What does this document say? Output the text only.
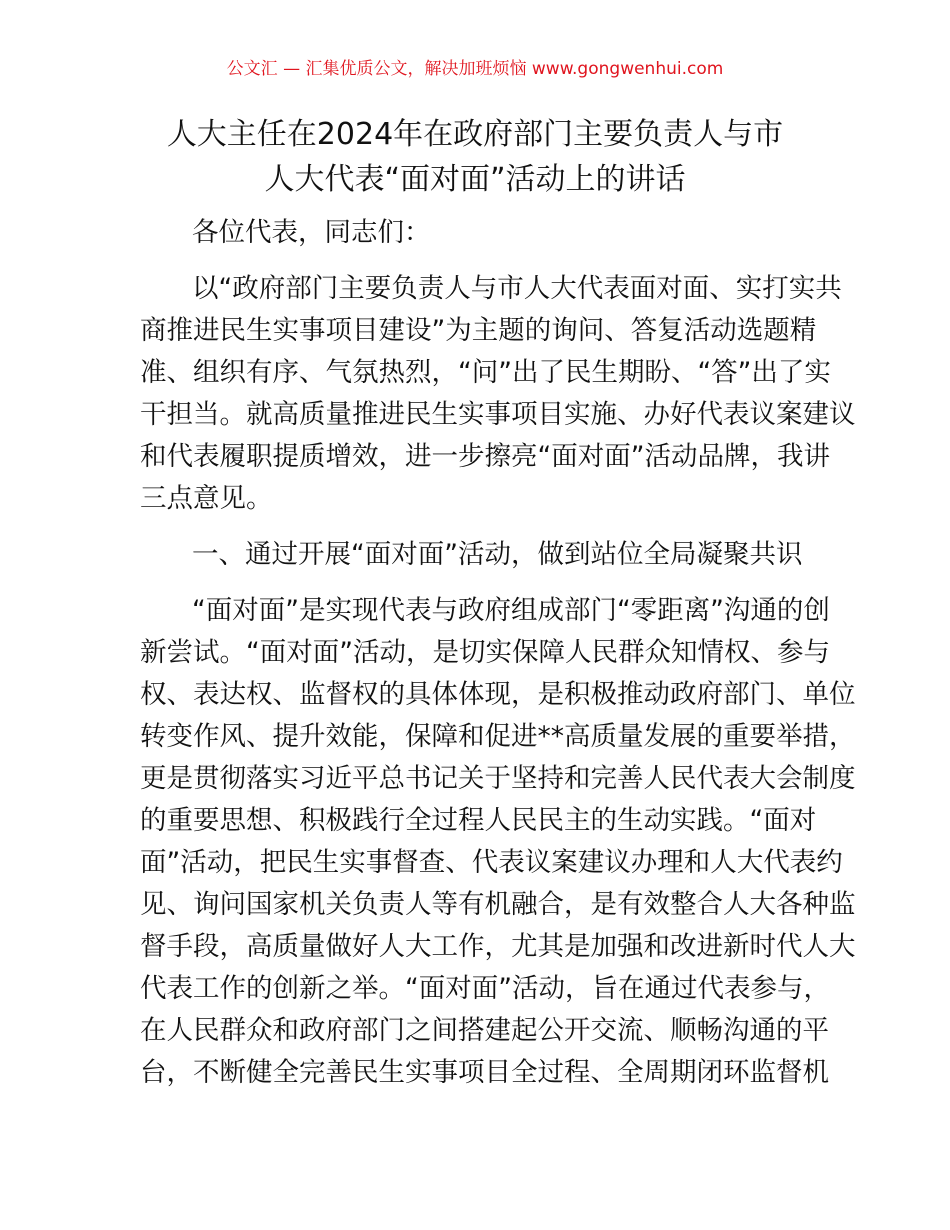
公文汇 — 汇集优质公文，解决加班烦恼 www.gongwenhui.com
人大主任在2024年在政府部门主要负责人与市
人大代表“面对面”活动上的讲话
各位代表，同志们：
以“政府部门主要负责人与市人大代表面对面、实打实共
商推进民生实事项目建设”为主题的询问、答复活动选题精
准、组织有序、气氛热烈，“问”出了民生期盼、“答”出了实
干担当。就高质量推进民生实事项目实施、办好代表议案建议
和代表履职提质增效，进一步擦亮“面对面”活动品牌，我讲
三点意见。
一、通过开展“面对面”活动，做到站位全局凝聚共识
“面对面”是实现代表与政府组成部门“零距离”沟通的创
新尝试。“面对面”活动，是切实保障人民群众知情权、参与
权、表达权、监督权的具体体现，是积极推动政府部门、单位
转变作风、提升效能，保障和促进**高质量发展的重要举措，
更是贯彻落实习近平总书记关于坚持和完善人民代表大会制度
的重要思想、积极践行全过程人民民主的生动实践。“面对
面”活动，把民生实事督查、代表议案建议办理和人大代表约
见、询问国家机关负责人等有机融合，是有效整合人大各种监
督手段，高质量做好人大工作，尤其是加强和改进新时代人大
代表工作的创新之举。“面对面”活动，旨在通过代表参与，
在人民群众和政府部门之间搭建起公开交流、顺畅沟通的平
台，不断健全完善民生实事项目全过程、全周期闭环监督机
